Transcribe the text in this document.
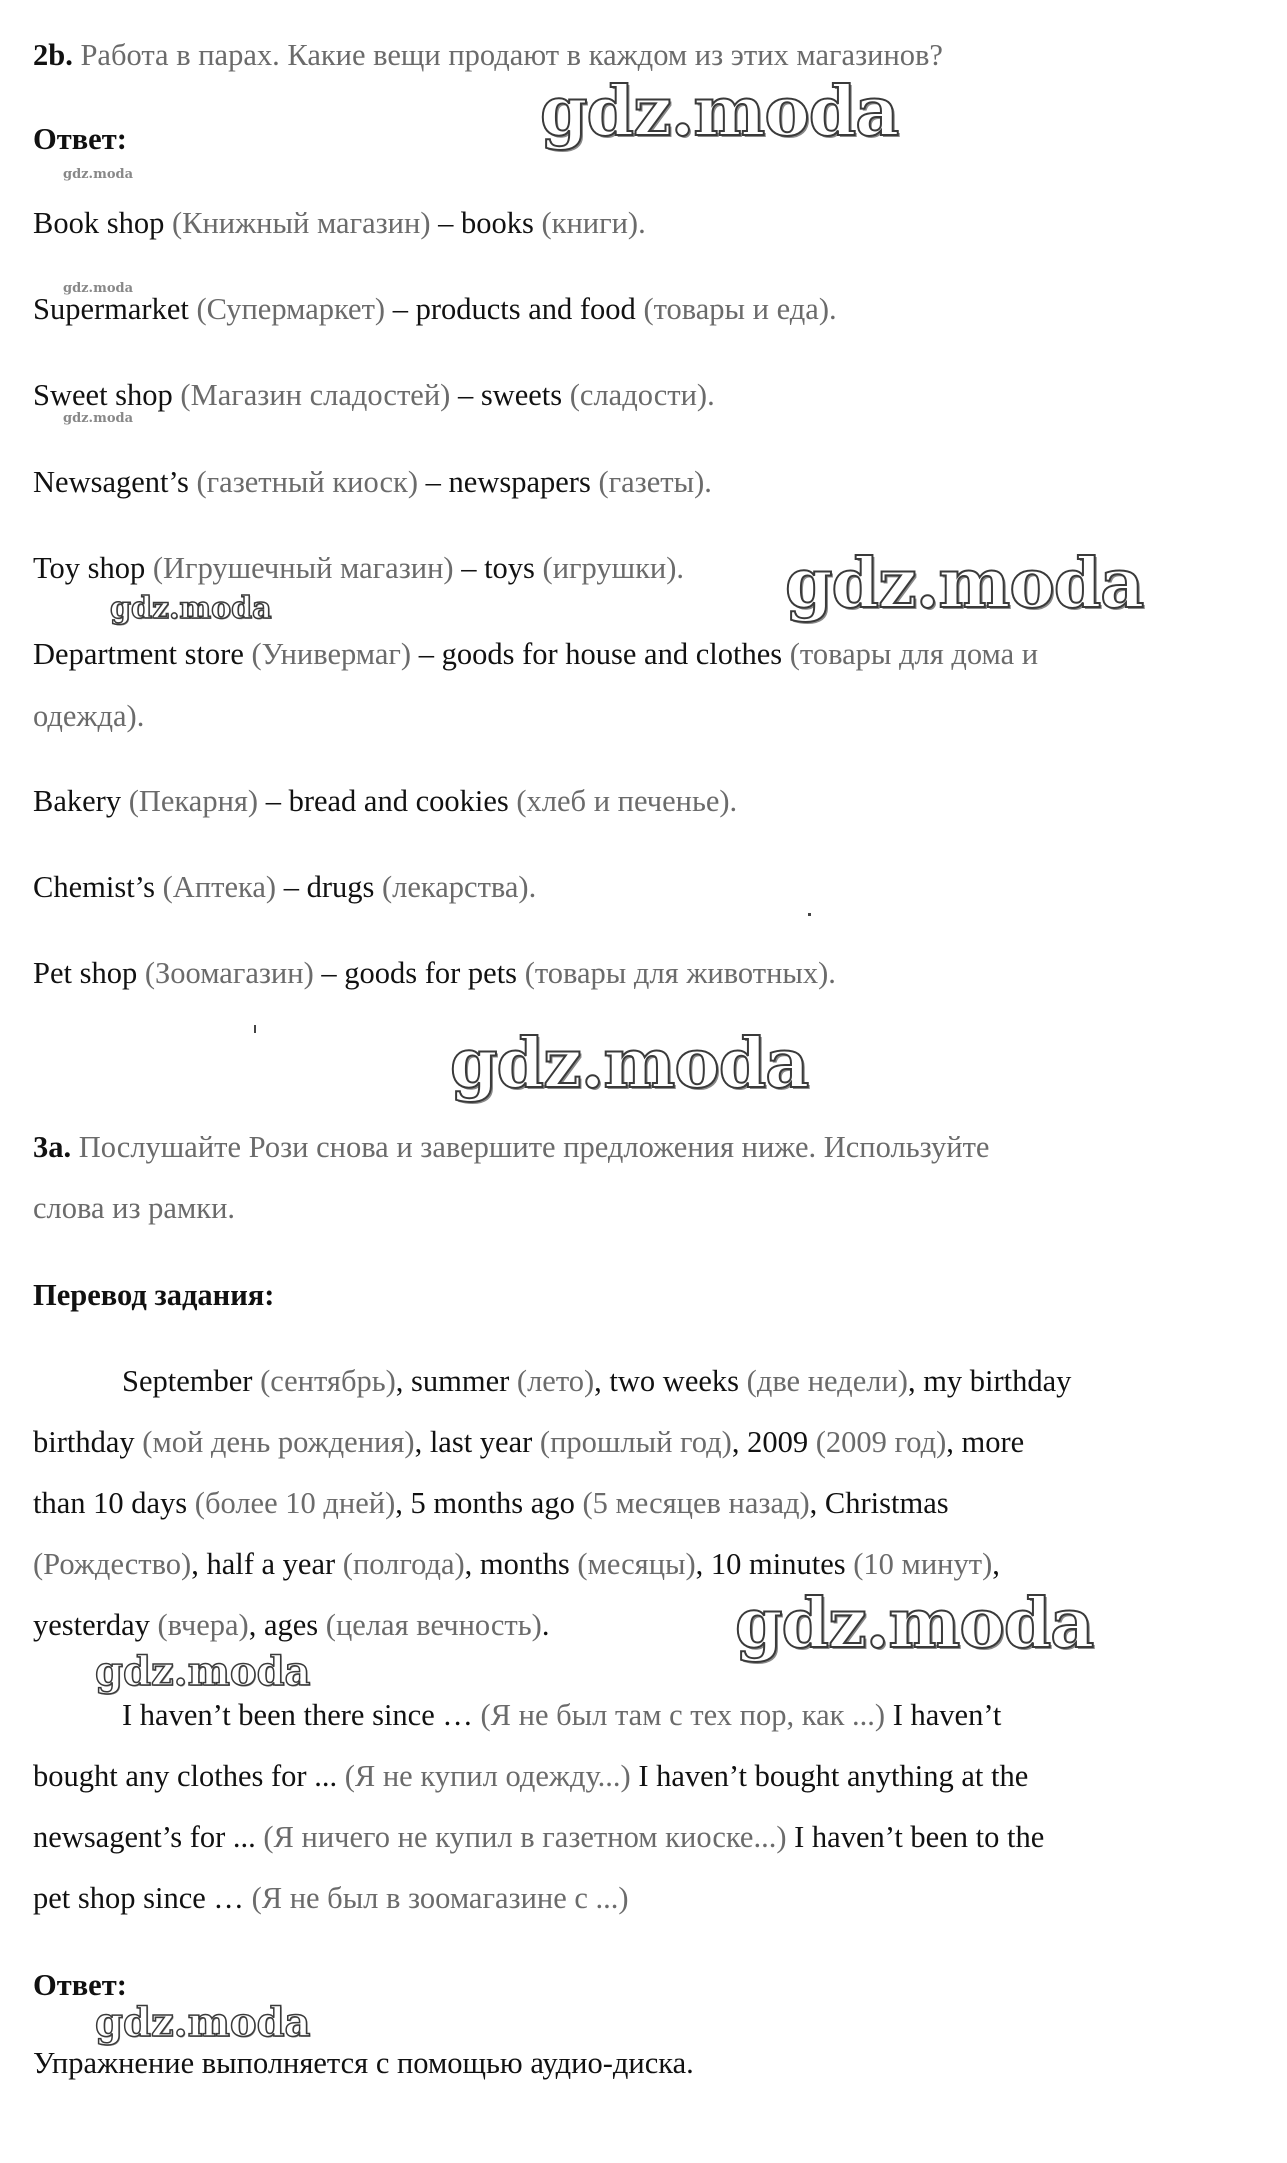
2b. Работа в парах. Какие вещи продают в каждом из этих магазинов?
gdz.moda
Ответ:
gdz.moda
Book shop (Книжный магазин) – books (книги).
gdz.moda
Supermarket (Супермаркет) – products and food (товары и еда).
Sweet shop (Магазин сладостей) – sweets (сладости).
gdz.moda
Newsagent’s (газетный киоск) – newspapers (газеты).
Toy shop (Игрушечный магазин) – toys (игрушки). gdz.moda
gdz.moda
Department store (Универмаг) – goods for house and clothes (товары для дома и
одежда).
Bakery (Пекарня) – bread and cookies (хлеб и печенье).
Chemist’s (Аптека) – drugs (лекарства).
Pet shop (Зоомагазин) – goods for pets (товары для животных).
gdz.moda
3a. Послушайте Рози снова и завершите предложения ниже. Используйте
слова из рамки.
Перевод задания:
September (сентябрь), summer (лето), two weeks (две недели), my birthday
birthday (мой день рождения), last year (прошлый год), 2009 (2009 год), more
than 10 days (более 10 дней), 5 months ago (5 месяцев назад), Christmas
(Рождество), half a year (полгода), months (месяцы), 10 minutes (10 минут),
yesterday (вчера), ages (целая вечность).	gdz.moda
gdz.moda
I haven’t been there since … (Я не был там с тех пор, как ...) I haven’t
bought any clothes for ... (Я не купил одежду...) I haven’t bought anything at the
newsagent’s for ... (Я ничего не купил в газетном киоске...) I haven’t been to the
pet shop since … (Я не был в зоомагазине с ...)
Ответ:
gdz.moda
Упражнение выполняется с помощью аудио-диска.
